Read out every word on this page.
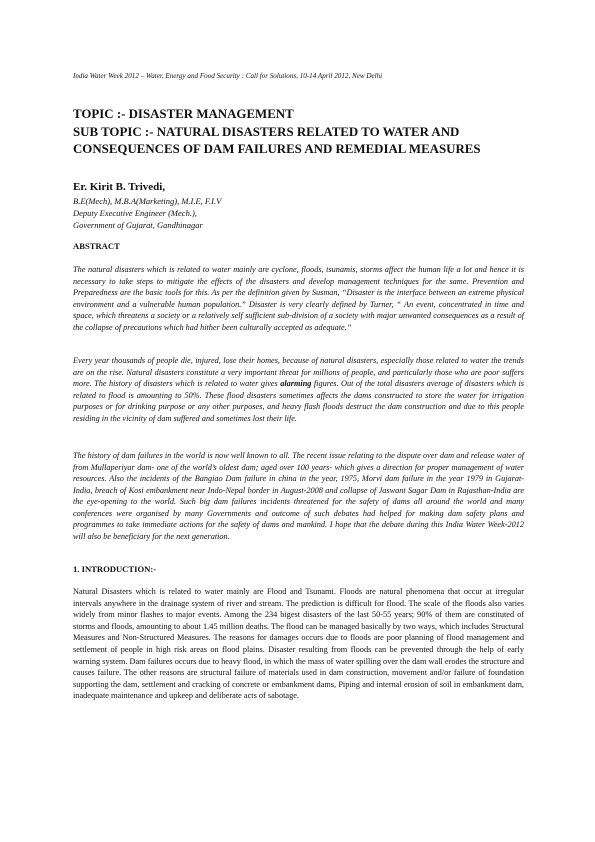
India Water Week 2012 – Water, Energy and Food Security : Call for Solutions, 10-14 April 2012, New Delhi
TOPIC :- DISASTER MANAGEMENT
SUB TOPIC :- NATURAL DISASTERS RELATED TO WATER AND
CONSEQUENCES OF DAM FAILURES AND REMEDIAL MEASURES
Er. Kirit B. Trivedi,
B.E(Mech), M.B.A(Marketing), M.I.E, F.I.V
Deputy Executive Engineer (Mech.),
Government of Gujarat, Gandhinagar
ABSTRACT

The natural disasters which is related to water mainly are cyclone, floods, tsunamis, storms affect the human life a lot and hence it is necessary to take steps to mitigate the effects of the disasters and develop management techniques for the same. Prevention and Preparedness are the basic tools for this. As per the definition given by Susman, “Disaster is the interface between an extreme physical environment and a vulnerable human population.” Disaster is very clearly defined by Turner, “ An event, concentrated in time and space, which threatens a society or a relatively self sufficient sub-division of a society with major unwanted consequences as a result of the collapse of precautions which had hither been culturally accepted as adequate.”

Every year thousands of people die, injured, lose their homes, because of natural disasters, especially those related to water the trends are on the rise. Natural disasters constitute a very important threat for millions of people, and particularly those who are poor suffers more. The history of disasters which is related to water gives alarming figures. Out of the total disasters average of disasters which is related to flood is amounting to 50%. These flood disasters sometimes affects the dams constructed to store the water for irrigation purposes or for drinking purpose or any other purposes, and heavy flash floods destruct the dam construction and due to this people residing in the vicinity of dam suffered and sometimes lost their life.

The history of dam failures in the world is now well known to all. The recent issue relating to the dispute over dam and release water of from Mullaperiyar dam- one of the world’s oldest dam; aged over 100 years- which gives a direction for proper management of water resources. Also the incidents of the Bangiao Dam failure in china in the year, 1975, Morvi dam failure in the year 1979 in Gujarat-India, breach of Kosi embankment near Indo-Nepal border in August-2008 and collapse of Jaswant Sagar Dam in Rajasthan-India are the eye-opening to the world. Such big dam failures incidents threatened for the safety of dams all around the world and many conferences were organised by many Governments and outcome of such debates had helped for making dam safety plans and programmes to take immediate actions for the safety of dams and mankind. I hope that the debate during this India Water Week-2012 will also be beneficiary for the next generation.

1. INTRODUCTION:-

Natural Disasters which is related to water mainly are Flood and Tsunami. Floods are natural phenomena that occur at irregular intervals anywhere in the drainage system of river and stream. The prediction is difficult for flood. The scale of the floods also varies widely from minor flashes to major events. Among the 234 bigest disasters of the last 50-55 years; 90% of them are constituted of storms and floods, amounting to about 1.45 million deaths. The flood can be managed basically by two ways, which includes Structural Measures and Non-Structured Measures. The reasons for damages occurs due to floods are poor planning of flood management and settlement of people in high risk areas on flood plains. Disaster resulting from floods can be prevented through the help of early warning system. Dam failures occurs due to heavy flood, in which the mass of water spilling over the dam wall erodes the structure and causes failure. The other reasons are structural failure of materials used in dam construction, movement and/or failure of foundation supporting the dam, settlement and cracking of concrete or embankment dams, Piping and internal erosion of soil in embankment dam, inadequate maintenance and upkeep and deliberate acts of sabotage.
